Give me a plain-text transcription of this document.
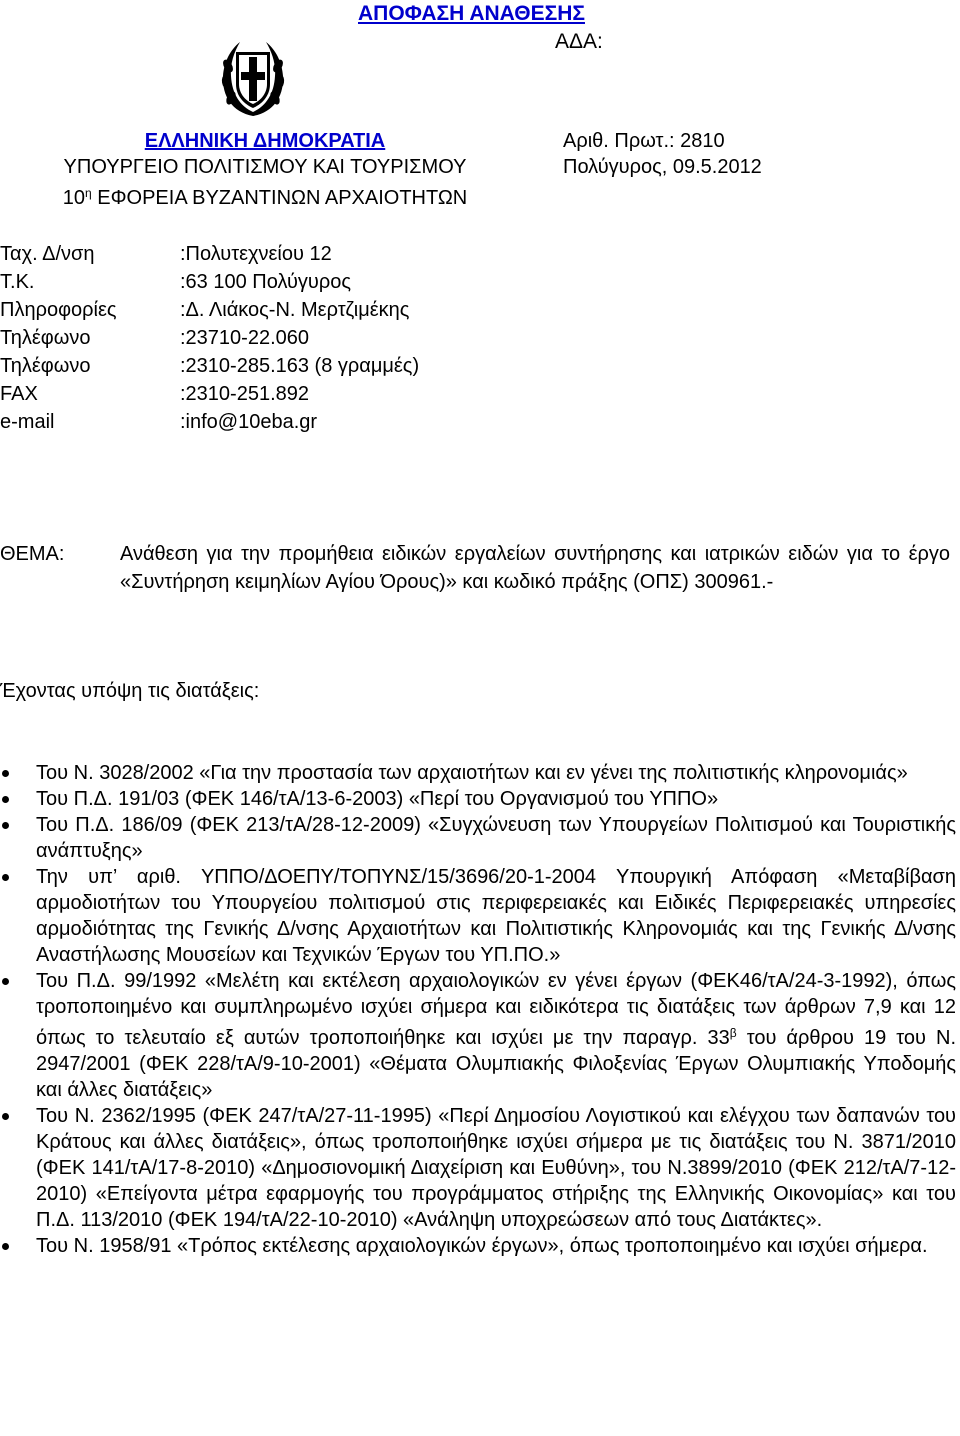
ΑΠΟΦΑΣΗ ΑΝΑΘΕΣΗΣ
ΑΔΑ:
ΕΛΛΗΝΙΚΗ ΔΗΜΟΚΡΑΤΙΑ
ΥΠΟΥΡΓΕΙΟ ΠΟΛΙΤΙΣΜΟΥ ΚΑΙ ΤΟΥΡΙΣΜΟΥ
$10^\eta$ ΕΦΟΡΕΙΑ ΒΥΖΑΝΤΙΝΩΝ ΑΡΧΑΙΟΤΗΤΩΝ
Αριθ. Πρωτ.: 2810
Πολύγυρος, 09.5.2012
Ταχ. Δ/νση	:Πολυτεχνείου 12
Τ.Κ.	:63 100 Πολύγυρος
Πληροφορίες	:Δ. Λιάκος-Ν. Μερτζιμέκης
Τηλέφωνο	:23710-22.060
Τηλέφωνο	:2310-285.163 (8 γραμμές)
FAX	:2310-251.892
e-mail	:info@10eba.gr
ΘΕΜΑ:	Ανάθεση για την προμήθεια ειδικών εργαλείων συντήρησης και ιατρικών ειδών για το έργο «Συντήρηση κειμηλίων Αγίου Όρους)» και κωδικό πράξης (ΟΠΣ) 300961.-
Έχοντας υπόψη τις διατάξεις:
Του Ν. 3028/2002 «Για την προστασία των αρχαιοτήτων και εν γένει της πολιτιστικής κληρονομιάς»
Του Π.Δ. 191/03 (ΦΕΚ 146/τΑ/13-6-2003) «Περί του Οργανισμού του ΥΠΠΟ»
Του Π.Δ. 186/09 (ΦΕΚ 213/τΑ/28-12-2009) «Συγχώνευση των Υπουργείων Πολιτισμού και Τουριστικής ανάπτυξης»
Την υπ’ αριθ. ΥΠΠΟ/ΔΟΕΠΥ/ΤΟΠΥΝΣ/15/3696/20-1-2004 Υπουργική Απόφαση «Μεταβίβαση αρμοδιοτήτων του Υπουργείου πολιτισμού στις περιφερειακές και Ειδικές Περιφερειακές υπηρεσίες αρμοδιότητας της Γενικής Δ/νσης Αρχαιοτήτων και Πολιτιστικής Κληρονομιάς και της Γενικής Δ/νσης Αναστήλωσης Μουσείων και Τεχνικών Έργων του ΥΠ.ΠΟ.»
Του Π.Δ. 99/1992 «Μελέτη και εκτέλεση αρχαιολογικών εν γένει έργων (ΦΕΚ46/τΑ/24-3-1992), όπως τροποποιημένο και συμπληρωμένο ισχύει σήμερα και ειδικότερα τις διατάξεις των άρθρων 7,9 και 12 όπως το τελευταίο εξ αυτών τροποποιήθηκε και ισχύει με την παραγρ. $33^\beta$ του άρθρου 19 του Ν. 2947/2001 (ΦΕΚ 228/τΑ/9-10-2001) «Θέματα Ολυμπιακής Φιλοξενίας Έργων Ολυμπιακής Υποδομής και άλλες διατάξεις»
Του Ν. 2362/1995 (ΦΕΚ 247/τΑ/27-11-1995) «Περί Δημοσίου Λογιστικού και ελέγχου των δαπανών του Κράτους και άλλες διατάξεις», όπως τροποποιήθηκε ισχύει σήμερα με τις διατάξεις του Ν. 3871/2010 (ΦΕΚ 141/τΑ/17-8-2010) «Δημοσιονομική Διαχείριση και Ευθύνη», του Ν.3899/2010 (ΦΕΚ 212/τΑ/7-12-2010) «Επείγοντα μέτρα εφαρμογής του προγράμματος στήριξης της Ελληνικής Οικονομίας» και του Π.Δ. 113/2010 (ΦΕΚ 194/τΑ/22-10-2010) «Ανάληψη υποχρεώσεων από τους Διατάκτες».
Του Ν. 1958/91 «Τρόπος εκτέλεσης αρχαιολογικών έργων», όπως τροποποιημένο και ισχύει σήμερα.
